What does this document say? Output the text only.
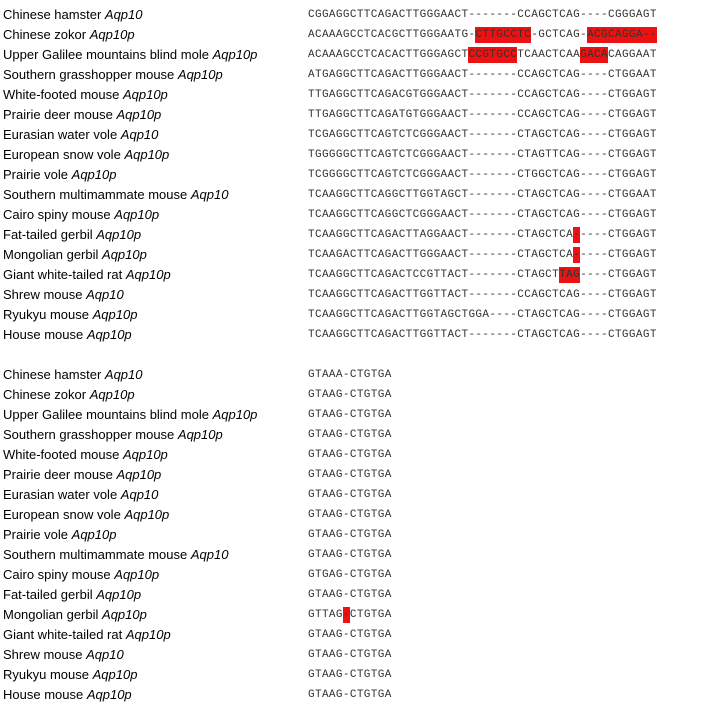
Chinese hamster Aqp10	CGGAGGCTTCAGACTTGGGAACT-------CCAGCTCAG----CGGGAGT
Chinese zokor Aqp10p	ACAAAGCCTCACGCTTGGGAATG-CTTGCCTC-GCTCAG-ACGCAGGA--
Upper Galilee mountains blind mole Aqp10p	ACAAAGCCTCACACTTGGGAGCTCCGTGCCTCAACTCAAGACACAGGAAT
Southern grasshopper mouse Aqp10p	ATGAGGCTTCAGACTTGGGAACT-------CCAGCTCAG----CTGGAAT
White-footed mouse Aqp10p	TTGAGGCTTCAGACGTGGGAACT-------CCAGCTCAG----CTGGAGT
Prairie deer mouse Aqp10p	TTGAGGCTTCAGATGTGGGAACT-------CCAGCTCAG----CTGGAGT
Eurasian water vole Aqp10	TCGAGGCTTCAGTCTCGGGAACT-------CTAGCTCAG----CTGGAGT
European snow vole Aqp10p	TGGGGGCTTCAGTCTCGGGAACT-------CTAGTTCAG----CTGGAGT
Prairie vole Aqp10p	TCGGGGCTTCAGTCTCGGGAACT-------CTGGCTCAG----CTGGAGT
Southern multimammate mouse Aqp10	TCAAGGCTTCAGGCTTGGTAGCT-------CTAGCTCAG----CTGGAAT
Cairo spiny mouse Aqp10p	TCAAGGCTTCAGGCTCGGGAACT-------CTAGCTCAG----CTGGAGT
Fat-tailed gerbil Aqp10p	TCAAGGCTTCAGACTTAGGAACT-------CTAGCTCA-----CTGGAGT
Mongolian gerbil Aqp10p	TCAAGACTTCAGACTTGGGAACT-------CTAGCTCA-----CTGGAGT
Giant white-tailed rat Aqp10p	TCAAGGCTTCAGACTCCGTTACT-------CTAGCTTAG----CTGGAGT
Shrew mouse Aqp10	TCAAGGCTTCAGACTTGGTTACT-------CCAGCTCAG----CTGGAGT
Ryukyu mouse Aqp10p	TCAAGGCTTCAGACTTGGTAGCTGGA----CTAGCTCAG----CTGGAGT
House mouse Aqp10p	TCAAGGCTTCAGACTTGGTTACT-------CTAGCTCAG----CTGGAGT
Chinese hamster Aqp10	GTAAA-CTGTGA
Chinese zokor Aqp10p	GTAAG-CTGTGA
Upper Galilee mountains blind mole Aqp10p	GTAAG-CTGTGA
Southern grasshopper mouse Aqp10p	GTAAG-CTGTGA
White-footed mouse Aqp10p	GTAAG-CTGTGA
Prairie deer mouse Aqp10p	GTAAG-CTGTGA
Eurasian water vole Aqp10	GTAAG-CTGTGA
European snow vole Aqp10p	GTAAG-CTGTGA
Prairie vole Aqp10p	GTAAG-CTGTGA
Southern multimammate mouse Aqp10	GTAAG-CTGTGA
Cairo spiny mouse Aqp10p	GTGAG-CTGTGA
Fat-tailed gerbil Aqp10p	GTAAG-CTGTGA
Mongolian gerbil Aqp10p	GTTAG-CTGTGA
Giant white-tailed rat Aqp10p	GTAAG-CTGTGA
Shrew mouse Aqp10	GTAAG-CTGTGA
Ryukyu mouse Aqp10p	GTAAG-CTGTGA
House mouse Aqp10p	GTAAG-CTGTGA
